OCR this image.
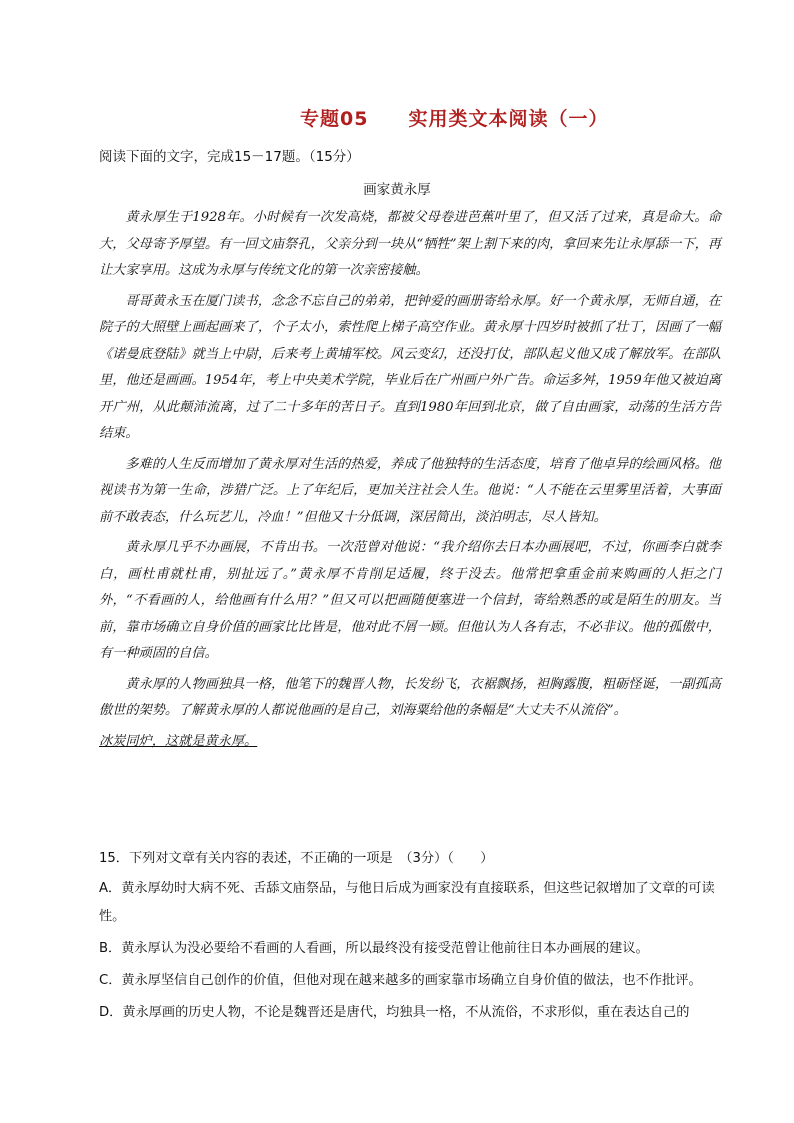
专题05　　实用类文本阅读（一）
阅读下面的文字，完成15－17题。（15分）
画家黄永厚

黄永厚生于1928年。小时候有一次发高烧，都被父母卷进芭蕉叶里了，但又活了过来，真是命大。命大，父母寄予厚望。有一回文庙祭孔，父亲分到一块从“牺牲”架上割下来的肉，拿回来先让永厚舔一下，再让大家享用。这成为永厚与传统文化的第一次亲密接触。

哥哥黄永玉在厦门读书，念念不忘自己的弟弟，把钟爱的画册寄给永厚。好一个黄永厚，无师自通，在院子的大照壁上画起画来了，个子太小，索性爬上梯子高空作业。黄永厚十四岁时被抓了壮丁，因画了一幅《诺曼底登陆》就当上中尉，后来考上黄埔军校。风云变幻，还没打仗，部队起义他又成了解放军。在部队里，他还是画画。1954年，考上中央美术学院，毕业后在广州画户外广告。命运多舛，1959年他又被迫离开广州，从此颠沛流离，过了二十多年的苦日子。直到1980年回到北京，做了自由画家，动荡的生活方告结束。

多难的人生反而增加了黄永厚对生活的热爱，养成了他独特的生活态度，培育了他卓异的绘画风格。他视读书为第一生命，涉猎广泛。上了年纪后，更加关注社会人生。他说：“人不能在云里雾里活着，大事面前不敢表态，什么玩艺儿，冷血！”但他又十分低调，深居简出，淡泊明志，尽人皆知。

黄永厚几乎不办画展，不肯出书。一次范曾对他说：“我介绍你去日本办画展吧，不过，你画李白就李白，画杜甫就杜甫，别扯远了。”黄永厚不肯削足适履，终于没去。他常把拿重金前来购画的人拒之门外，“不看画的人，给他画有什么用？”但又可以把画随便塞进一个信封，寄给熟悉的或是陌生的朋友。当前，靠市场确立自身价值的画家比比皆是，他对此不屑一顾。但他认为人各有志，不必非议。他的孤傲中，有一种顽固的自信。

黄永厚的人物画独具一格，他笔下的魏晋人物，长发纷飞，衣裾飘扬，袒胸露腹，粗砺怪诞，一副孤高傲世的架势。了解黄永厚的人都说他画的是自己，刘海粟给他的条幅是“大丈夫不从流俗”。

冰炭同炉，这就是黄永厚。

15．下列对文章有关内容的表述，不正确的一项是　（3分）（　　）

A．黄永厚幼时大病不死、舌舔文庙祭品，与他日后成为画家没有直接联系，但这些记叙增加了文章的可读性。

B．黄永厚认为没必要给不看画的人看画，所以最终没有接受范曾让他前往日本办画展的建议。

C．黄永厚坚信自己创作的价值，但他对现在越来越多的画家靠市场确立自身价值的做法，也不作批评。

D．黄永厚画的历史人物，不论是魏晋还是唐代，均独具一格，不从流俗，不求形似，重在表达自己的
